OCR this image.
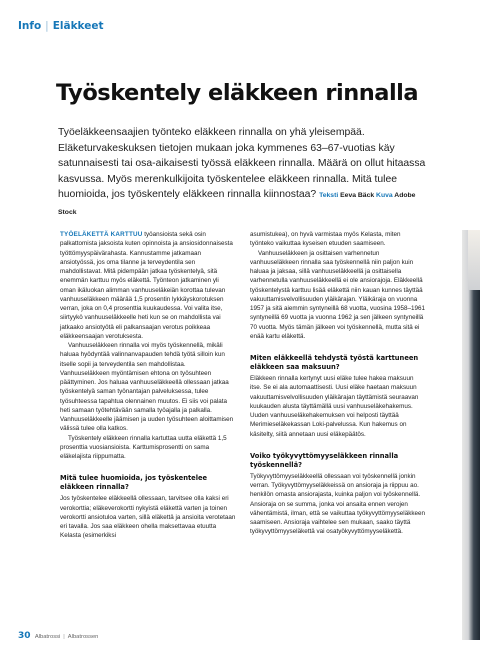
Info | Eläkkeet
Työskentely eläkkeen rinnalla

Työeläkkeensaajien työnteko eläkkeen rinnalla on yhä yleisempää. Eläketurvakeskuksen tietojen mukaan joka kymmenes 63–67-vuotias käy satunnaisesti tai osa-aikaisesti työssä eläkkeen rinnalla. Määrä on ollut hitaassa kasvussa. Myös merenkulkijoita työskentelee eläkkeen rinnalla. Mitä tulee huomioida, jos työskentely eläkkeen rinnalla kiinnostaa? Teksti Eeva Bäck Kuva Adobe Stock

TYÖELÄKETTÄ KARTTUU työansioista sekä osin palkattomista jaksoista kuten opinnoista ja ansiosidonnaisesta työttömyyspäivärahasta. Kannustamme jatkamaan ansiotyössä, jos oma tilanne ja terveydentila sen mahdollistavat. Mitä pidempään jatkaa työskentelyä, sitä enemmän karttuu myös eläkettä. Työnteon jatkaminen yli oman ikäluokan alimman vanhuuseläkeiän korottaa tulevan vanhuuseläkkeen määrää 1,5 prosentin lykkäyskorotuksen verran, joka on 0,4 prosenttia kuukaudessa. Voi valita itse, siirtyykö vanhuuseläkkeelle heti kun se on mahdollista vai jatkaako ansiotyötä eli palkansaajan verotus poikkeaa eläkkeensaajan verotuksesta.

Vanhuuseläkkeen rinnalla voi myös työskennellä, mikäli haluaa hyödyntää valinnanvapauden tehdä työtä silloin kun itselle sopii ja terveydentila sen mahdollistaa. Vanhuuseläkkeen myöntämisen ehtona on työsuhteen päättyminen. Jos haluaa vanhuuseläkkeellä ollessaan jatkaa työskentelyä saman työnantajan palveluksessa, tulee työsuhteessa tapahtua olennainen muutos. Ei siis voi palata heti samaan työtehtävään samalla työajalla ja palkalla. Vanhuuseläkkeelle jäämisen ja uuden työsuhteen aloittamisen välissä tulee olla katkos.

Työskentely eläkkeen rinnalla kartuttaa uutta eläkettä 1,5 prosenttia vuosiansioista. Karttumisprosentti on sama eläkelajista riippumatta.

Mitä tulee huomioida, jos työskentelee eläkkeen rinnalla?

Jos työskentelee eläkkeellä ollessaan, tarvitsee olla kaksi eri verokorttia; eläkeverokortti nykyistä eläkettä varten ja toinen verokortti ansiotuloa varten, sillä eläkettä ja ansioita verotetaan eri tavalla. Jos saa eläkkeen ohella maksettavaa etuutta Kelasta (esimerkiksi

asumistukea), on hyvä varmistaa myös Kelasta, miten työnteko vaikuttaa kyseisen etuuden saamiseen.

Vanhuuseläkkeen ja osittaisen varhennetun vanhuuseläkkeen rinnalla saa työskennellä niin paljon kuin haluaa ja jaksaa, sillä vanhuuseläkkeellä ja osittaisella varhennetulla vanhuuseläkkeellä ei ole ansiorajoja. Eläkkeellä työskentelystä karttuu lisää eläkettä niin kauan kunnes täyttää vakuuttamisvelvollisuuden yläikärajan. Yläikäraja on vuonna 1957 ja sitä aiemmin syntyneillä 68 vuotta, vuosina 1958–1961 syntyneillä 69 vuotta ja vuonna 1962 ja sen jälkeen syntyneillä 70 vuotta. Myös tämän jälkeen voi työskennellä, mutta sitä ei enää kartu eläkettä.

Miten eläkkeellä tehdystä työstä karttuneen eläkkeen saa maksuun?

Eläkkeen rinnalla kertynyt uusi eläke tulee hakea maksuun itse. Se ei ala automaattisesti. Uusi eläke haetaan maksuun vakuuttamisvelvollisuuden yläikärajan täyttämistä seuraavan kuukauden alusta täyttämällä uusi vanhuuseläkehakemus. Uuden vanhuuseläkehakemuksen voi helposti täyttää Merimieseläkekassan Loki-palvelussa. Kun hakemus on käsitelty, siitä annetaan uusi eläkepäätös.

Voiko työkyvyttömyyseläkkeen rinnalla työskennellä?

Työkyvyttömyyseläkkeellä ollessaan voi työskennellä jonkin verran. Työkyvyttömyyseläkkeissä on ansioraja ja riippuu ao. henkilön omasta ansiorajasta, kuinka paljon voi työskennellä. Ansioraja on se summa, jonka voi ansaita ennen verojen vähentämistä, ilman, että se vaikuttaa työkyvyttömyyseläkkeen saamiseen. Ansioraja vaihtelee sen mukaan, saako täyttä työkyvyttömyyseläkettä vai osatyökyvyttömyyseläkettä.

30 Albatrossi | Albatrossen
